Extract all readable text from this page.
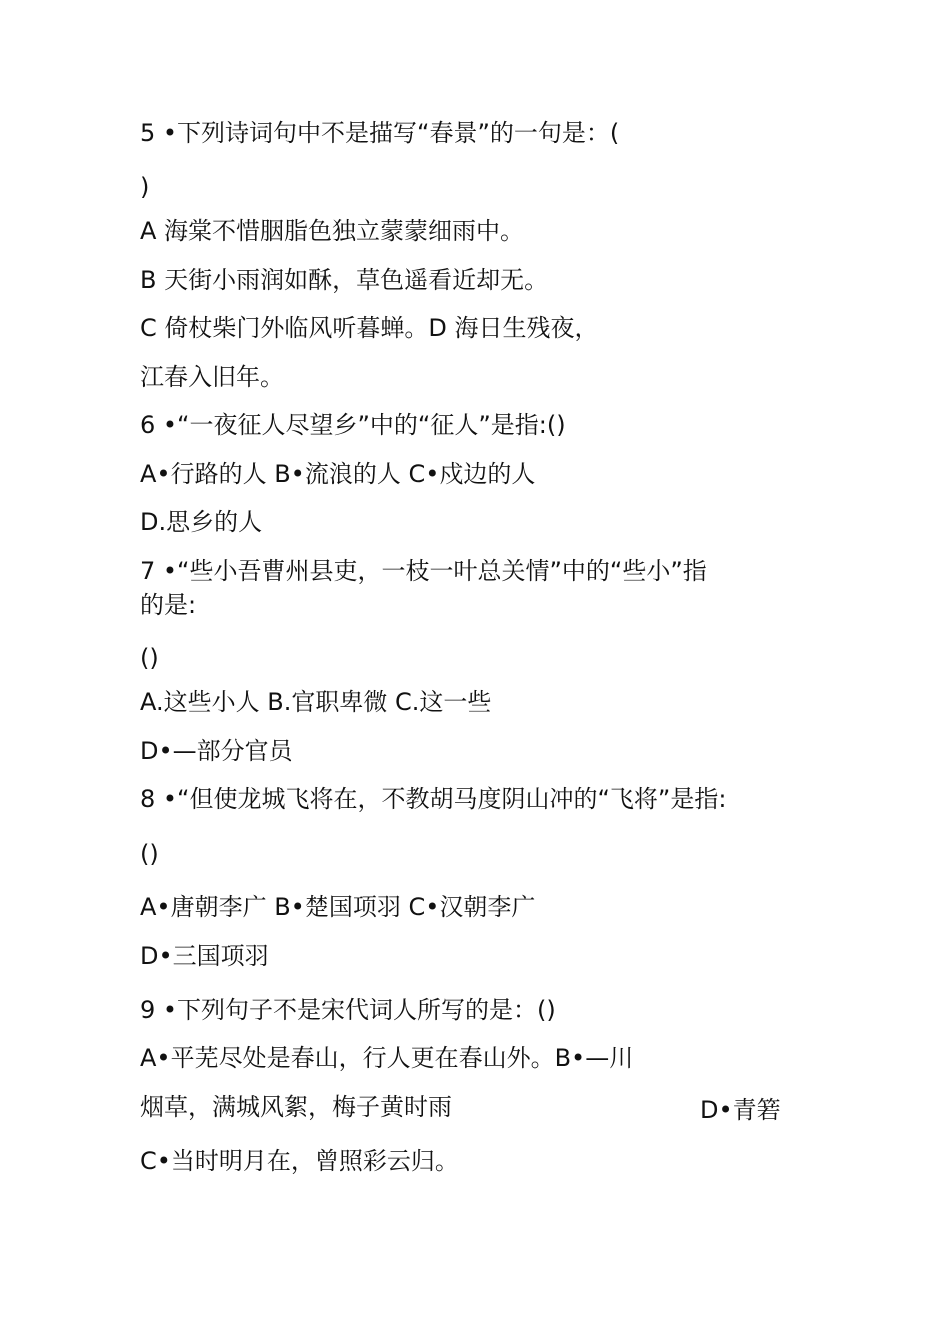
5 •下列诗词句中不是描写“春景”的一句是：(
)
A 海棠不惜胭脂色独立蒙蒙细雨中。
B 天街小雨润如酥，草色遥看近却无。
C 倚杖柴门外临风听暮蝉。D 海日生残夜，
江春入旧年。
6 •“一夜征人尽望乡”中的“征人”是指:()
A•行路的人 B•流浪的人 C•戍边的人
D.思乡的人
7 •“些小吾曹州县吏，一枝一叶总关情”中的“些小”指
的是:
()
A.这些小人 B.官职卑微 C.这一些
D•—部分官员
8 •“但使龙城飞将在，不教胡马度阴山冲的“飞将”是指:
()
A•唐朝李广 B•楚国项羽 C•汉朝李广
D•三国项羽
9 •下列句子不是宋代词人所写的是：()
A•平芜尽处是春山，行人更在春山外。B•—川
烟草，满城风絮，梅子黄时雨	D•青箬
C•当时明月在，曾照彩云归。
